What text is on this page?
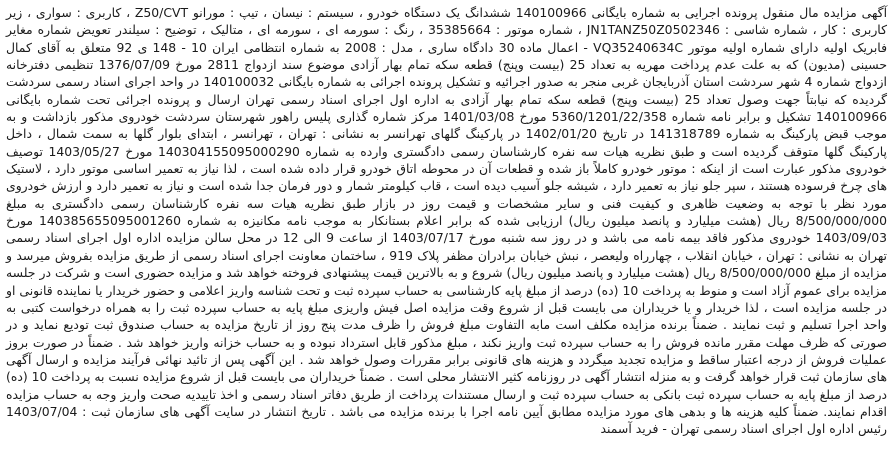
آگهی مزایده مال منقول پرونده اجرایی به شماره بایگانی 140100966 ششدانگ یک دستگاه خودرو ، سیستم : نیسان ، تیپ : مورانو Z50/CVT ، کاربری : سواری ، زیر کاربری : کار ، شماره شاسی : JN1TANZ50Z0502346 ، شماره موتور : 35385664 ، رنگ : سورمه ای ، سورمه ای ، متالیک ، توضیح : سیلندر تعویض شماره مغایر فابریک اولیه دارای شماره اولیه موتور VQ35240634C - اعمال ماده 30 دادگاه ساری ، مدل : 2008 به شماره انتظامی ایران 10 - 148 ی 92 متعلق به آقای کمال حسینی (مدیون) که به علت عدم پرداخت مهریه به تعداد 25 (بیست وپنج) قطعه سکه تمام بهار آزادی موضوع سند ازدواج 2811 مورخ 1376/07/09 تنظیمی دفترخانه ازدواج شماره 4 شهر سردشت استان آذربایجان غربی منجر به صدور اجرائیه و تشکیل پرونده اجرائی به شماره بایگانی 140100032 در واحد اجرای اسناد رسمی سردشت گردیده که نیابتاً جهت وصول تعداد 25 (بیست وپنج) قطعه سکه تمام بهار آزادی به اداره اول اجرای اسناد رسمی تهران ارسال و پرونده اجرائی تحت شماره بایگانی 140100966 تشکیل و برابر نامه شماره 5360/1201/22/358 مورخ 1401/03/08 مرکز شماره گذاری پلیس راهور شهرستان سردشت خودروی مذکور بازداشت و به موجب قبض پارکینگ به شماره 141318789 در تاریخ 1402/01/20 در پارکینگ گلهای تهرانسر به نشانی : تهران ، تهرانسر ، ابتدای بلوار گلها به سمت شمال ، داخل پارکینگ گلها متوقف گردیده است و طبق نظریه هیات سه نفره کارشناسان رسمی دادگستری وارده به شماره 140304155095000290 مورخ 1403/05/27 توصیف خودروی مذکور عبارت است از اینکه : موتور خودرو کاملاً باز شده و قطعات آن در محوطه اتاق خودرو قرار داده شده است ، لذا نیاز به تعمیر اساسی موتور دارد ، لاستیک های چرخ فرسوده هستند ، سپر جلو نیاز به تعمیر دارد ، شیشه جلو آسیب دیده است ، قاب کیلومتر شمار و دور فرمان جدا شده است و نیاز به تعمیر دارد و ارزش خودروی مورد نظر با توجه به وضعیت ظاهری و کیفیت فنی و سایر مشخصات و قیمت روز در بازار طبق نظریه هیات سه نفره کارشناسان رسمی دادگستری به مبلغ 8/500/000/000 ریال (هشت میلیارد و پانصد میلیون ریال) ارزیابی شده که برابر اعلام بستانکار به موجب نامه مکانیزه به شماره 140385655095001260 مورخ 1403/09/03 خودروی مذکور فاقد بیمه نامه می باشد و در روز سه شنبه مورخ 1403/07/17 از ساعت 9 الی 12 در محل سالن مزایده اداره اول اجرای اسناد رسمی تهران به نشانی : تهران ، خیابان انقلاب ، چهارراه ولیعصر ، نبش خیابان برادران مظفر پلاک 919 ، ساختمان معاونت اجرای اسناد رسمی از طریق مزایده بفروش میرسد و مزایده از مبلغ 8/500/000/000 ریال (هشت میلیارد و پانصد میلیون ریال) شروع و به بالاترین قیمت پیشنهادی فروخته خواهد شد و مزایده حضوری است و شرکت در جلسه مزایده برای عموم آزاد است و منوط به پرداخت 10 (ده) درصد از مبلغ پایه کارشناسی به حساب سپرده ثبت و تحت شناسه واریز اعلامی و حضور خریدار یا نماینده قانونی او در جلسه مزایده است ، لذا خریدار و یا خریداران می بایست قبل از شروع وقت مزایده اصل فیش واریزی مبلغ پایه به حساب سپرده ثبت را به همراه درخواست کتبی به واحد اجرا تسلیم و ثبت نمایند . ضمناً برنده مزایده مکلف است مابه التفاوت مبلغ فروش را ظرف مدت پنج روز از تاریخ مزایده به حساب صندوق ثبت تودیع نماید و در صورتی که ظرف مهلت مقرر مانده فروش را به حساب سپرده ثبت واریز نکند ، مبلغ مذکور قابل استرداد نبوده و به حساب خزانه واریز خواهد شد . ضمناً در صورت بروز عملیات فروش از درجه اعتبار ساقط و مزایده تجدید میگردد و هزینه های قانونی برابر مقررات وصول خواهد شد . این آگهی پس از تائید نهائی فرآیند مزایده و ارسال آگهی های سازمان ثبت قرار خواهد گرفت و به منزله انتشار آگهی در روزنامه کثیر الانتشار محلی است . ضمناً خریداران می بایست قبل از شروع مزایده نسبت به پرداخت 10 (ده) درصد از مبلغ پایه به حساب سپرده ثبت بانکی به حساب سپرده ثبت و ارسال مستندات پرداخت از طریق دفاتر اسناد رسمی و اخذ تاییدیه صحت واریز وجه به حساب مزایده اقدام نمایند. ضمناً کلیه هزینه ها و بدهی های مورد مزایده مطابق آیین نامه اجرا با برنده مزایده می باشد . تاریخ انتشار در سایت آگهی های سازمان ثبت : 1403/07/04 رئیس اداره اول اجرای اسناد رسمی تهران - فرید آسمند
